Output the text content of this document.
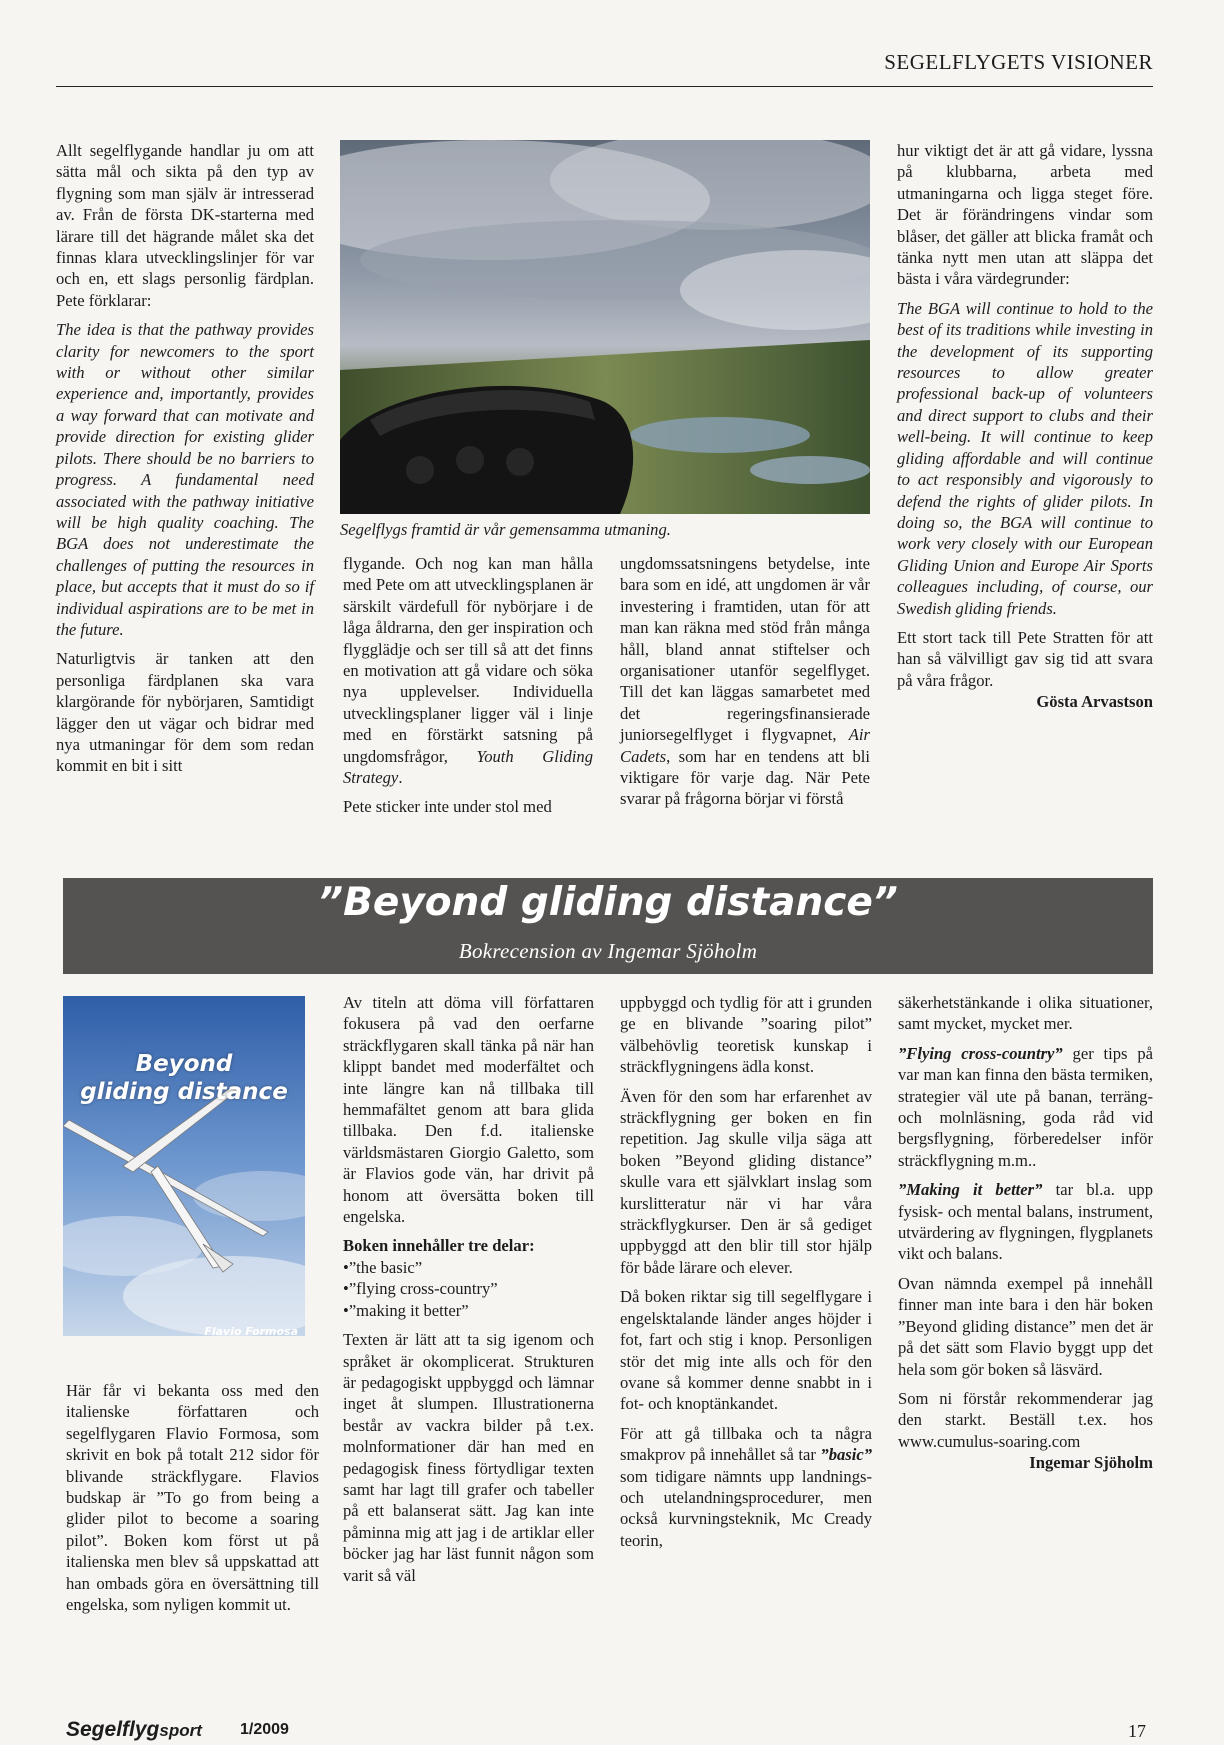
SEGELFLYGETS VISIONER

Allt segelflygande handlar ju om att sätta mål och sikta på den typ av flygning som man själv är intresserad av. Från de första DK-starterna med lärare till det hägrande målet ska det finnas klara utvecklingslinjer för var och en, ett slags personlig färdplan. Pete förklarar:

The idea is that the pathway provides clarity for newcomers to the sport with or without other similar experience and, importantly, provides a way forward that can motivate and provide direction for existing glider pilots. There should be no barriers to progress. A fundamental need associated with the pathway initiative will be high quality coaching. The BGA does not underestimate the challenges of putting the resources in place, but accepts that it must do so if individual aspirations are to be met in the future.

Naturligtvis är tanken att den personliga färdplanen ska vara klargörande för nybörjaren, Samtidigt lägger den ut vägar och bidrar med nya utmaningar för dem som redan kommit en bit i sitt

Segelflygs framtid är vår gemensamma utmaning.

flygande. Och nog kan man hålla med Pete om att utvecklingsplanen är särskilt värdefull för nybörjare i de låga åldrarna, den ger inspiration och flygglädje och ser till så att det finns en motivation att gå vidare och söka nya upplevelser. Individuella utvecklingsplaner ligger väl i linje med en förstärkt satsning på ungdomsfrågor, Youth Gliding Strategy.

Pete sticker inte under stol med

ungdomssatsningens betydelse, inte bara som en idé, att ungdomen är vår investering i framtiden, utan för att man kan räkna med stöd från många håll, bland annat stiftelser och organisationer utanför segelflyget. Till det kan läggas samarbetet med det regeringsfinansierade juniorsegelflyget i flygvapnet, Air Cadets, som har en tendens att bli viktigare för varje dag. När Pete svarar på frågorna börjar vi förstå

hur viktigt det är att gå vidare, lyssna på klubbarna, arbeta med utmaningarna och ligga steget före. Det är förändringens vindar som blåser, det gäller att blicka framåt och tänka nytt men utan att släppa det bästa i våra värdegrunder:

The BGA will continue to hold to the best of its traditions while investing in the development of its supporting resources to allow greater professional back-up of volunteers and direct support to clubs and their well-being. It will continue to keep gliding affordable and will continue to act responsibly and vigorously to defend the rights of glider pilots. In doing so, the BGA will continue to work very closely with our European Gliding Union and Europe Air Sports colleagues including, of course, our Swedish gliding friends.

Ett stort tack till Pete Stratten för att han så välvilligt gav sig tid att svara på våra frågor.

Gösta Arvastson

”Beyond gliding distance”
Bokrecension av Ingemar Sjöholm
Beyond
gliding distance
Flavio Formosa

Här får vi bekanta oss med den italienske författaren och segelflygaren Flavio Formosa, som skrivit en bok på totalt 212 sidor för blivande sträckflygare. Flavios budskap är ”To go from being a glider pilot to become a soaring pilot”. Boken kom först ut på italienska men blev så uppskattad att han ombads göra en översättning till engelska, som nyligen kommit ut.

Av titeln att döma vill författaren fokusera på vad den oerfarne sträckflygaren skall tänka på när han klippt bandet med moderfältet och inte längre kan nå tillbaka till hemmafältet genom att bara glida tillbaka. Den f.d. italienske världsmästaren Giorgio Galetto, som är Flavios gode vän, har drivit på honom att översätta boken till engelska.

Boken innehåller tre delar:

• ”the basic”
• ”flying cross-country”
• ”making it better”

Texten är lätt att ta sig igenom och språket är okomplicerat. Strukturen är pedagogiskt uppbyggd och lämnar inget åt slumpen. Illustrationerna består av vackra bilder på t.ex. molnformationer där han med en pedagogisk finess förtydligar texten samt har lagt till grafer och tabeller på ett balanserat sätt. Jag kan inte påminna mig att jag i de artiklar eller böcker jag har läst funnit någon som varit så väl

uppbyggd och tydlig för att i grunden ge en blivande ”soaring pilot” välbehövlig teoretisk kunskap i sträckflygningens ädla konst.

Även för den som har erfarenhet av sträckflygning ger boken en fin repetition. Jag skulle vilja säga att boken ”Beyond gliding distance” skulle vara ett självklart inslag som kurslitteratur när vi har våra sträckflygkurser. Den är så gediget uppbyggd att den blir till stor hjälp för både lärare och elever.

Då boken riktar sig till segelflygare i engelsktalande länder anges höjder i fot, fart och stig i knop. Personligen stör det mig inte alls och för den ovane så kommer denne snabbt in i fot- och knoptänkandet.

För att gå tillbaka och ta några smakprov på innehållet så tar ”basic” som tidigare nämnts upp landnings- och utelandningsprocedurer, men också kurvningsteknik, Mc Cready teorin,

säkerhetstänkande i olika situationer, samt mycket, mycket mer.

”Flying cross-country” ger tips på var man kan finna den bästa termiken, strategier väl ute på banan, terräng- och molnläsning, goda råd vid bergsflygning, förberedelser inför sträckflygning m.m..

”Making it better” tar bl.a. upp fysisk- och mental balans, instrument, utvärdering av flygningen, flygplanets vikt och balans.

Ovan nämnda exempel på innehåll finner man inte bara i den här boken ”Beyond gliding distance” men det är på det sätt som Flavio byggt upp det hela som gör boken så läsvärd.

Som ni förstår rekommenderar jag den starkt. Beställ t.ex. hos www.cumulus-soaring.com

Ingemar Sjöholm

Segelflygsport 1/2009	17
